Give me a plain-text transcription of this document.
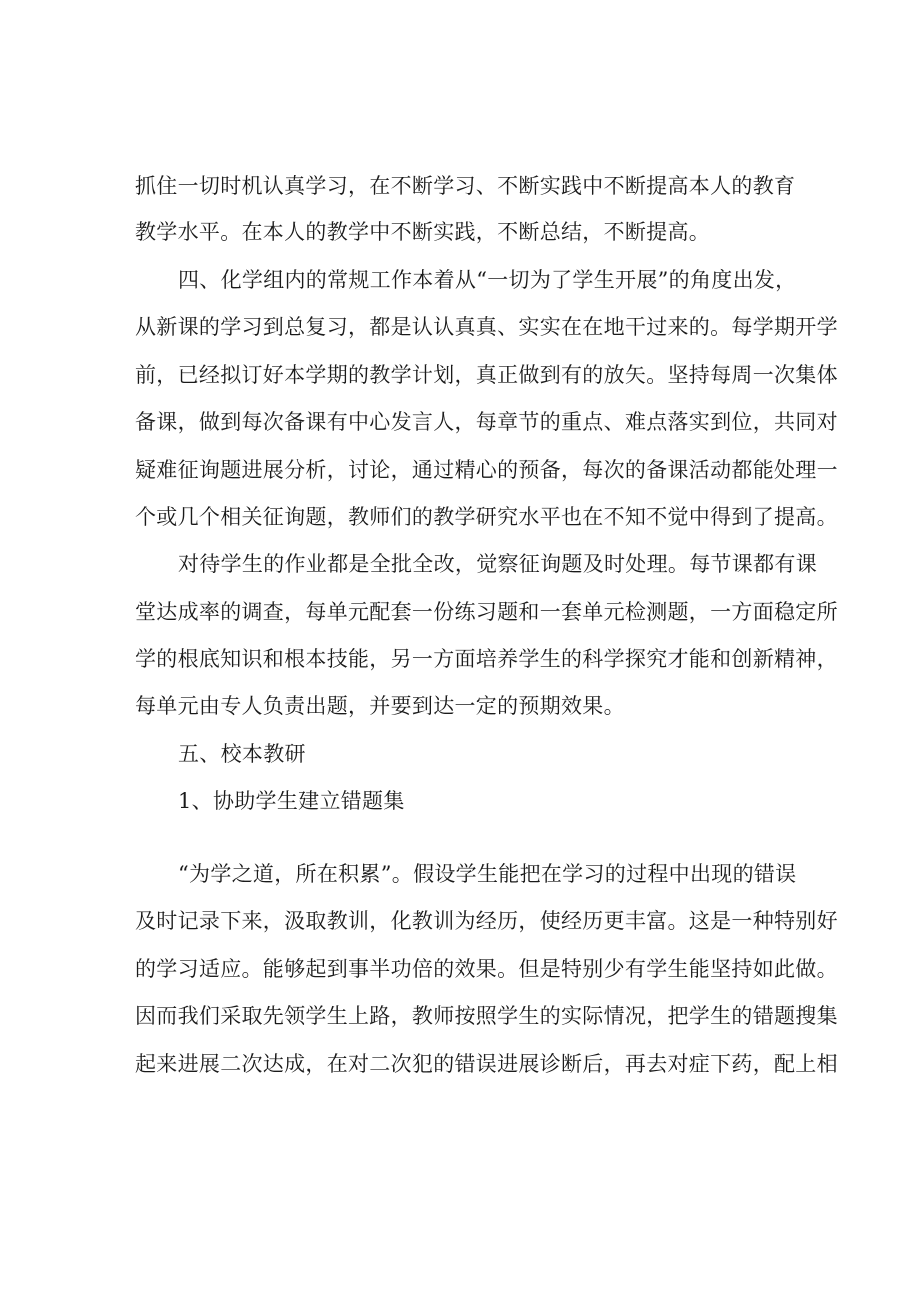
抓住一切时机认真学习，在不断学习、不断实践中不断提高本人的教育
教学水平。在本人的教学中不断实践，不断总结，不断提高。
四、化学组内的常规工作本着从“一切为了学生开展”的角度出发，
从新课的学习到总复习，都是认认真真、实实在在地干过来的。每学期开学
前，已经拟订好本学期的教学计划，真正做到有的放矢。坚持每周一次集体
备课，做到每次备课有中心发言人，每章节的重点、难点落实到位，共同对
疑难征询题进展分析，讨论，通过精心的预备，每次的备课活动都能处理一
个或几个相关征询题，教师们的教学研究水平也在不知不觉中得到了提高。
对待学生的作业都是全批全改，觉察征询题及时处理。每节课都有课
堂达成率的调查，每单元配套一份练习题和一套单元检测题，一方面稳定所
学的根底知识和根本技能，另一方面培养学生的科学探究才能和创新精神，
每单元由专人负责出题，并要到达一定的预期效果。
五、校本教研
1、协助学生建立错题集
“为学之道，所在积累”。假设学生能把在学习的过程中出现的错误
及时记录下来，汲取教训，化教训为经历，使经历更丰富。这是一种特别好
的学习适应。能够起到事半功倍的效果。但是特别少有学生能坚持如此做。
因而我们采取先领学生上路，教师按照学生的实际情况，把学生的错题搜集
起来进展二次达成，在对二次犯的错误进展诊断后，再去对症下药，配上相
